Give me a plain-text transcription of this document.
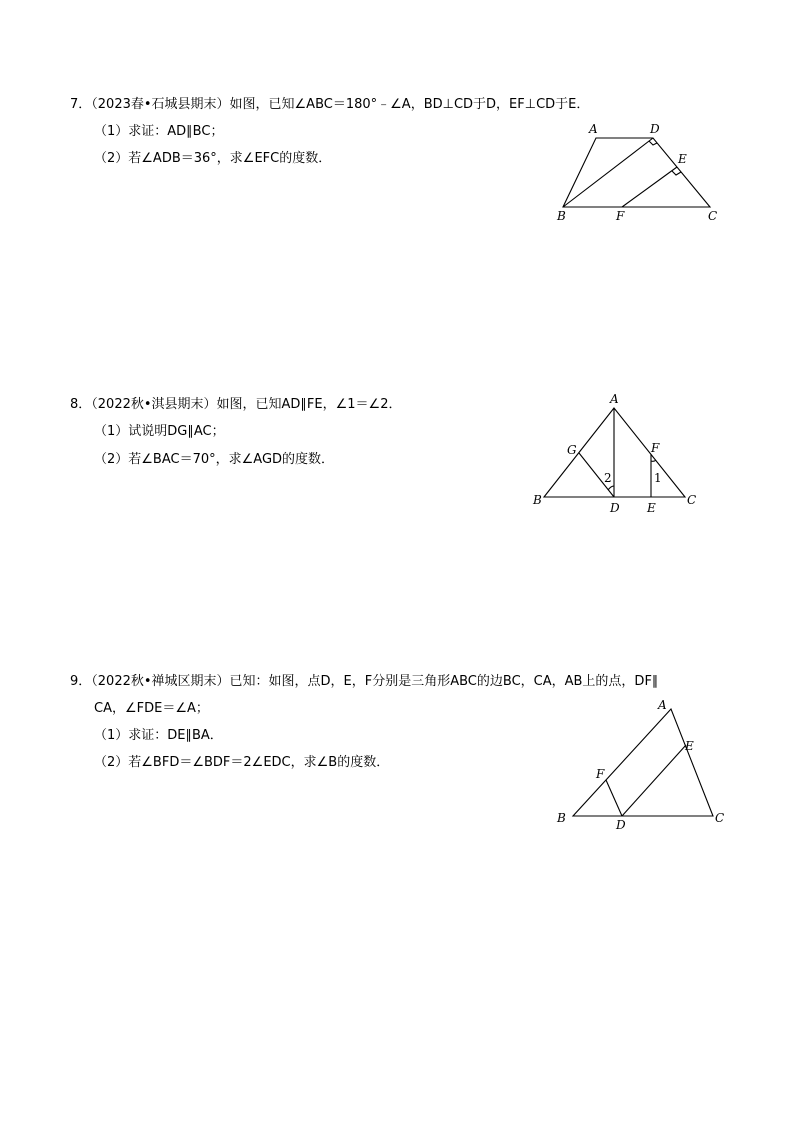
7．（2023春•石城县期末）如图，已知∠ABC＝180°﹣∠A，BD⊥CD于D，EF⊥CD于E．
（1）求证：AD∥BC；
（2）若∠ADB＝36°，求∠EFC的度数．
A	D
E
B	F	C
8．（2022秋•淇县期末）如图，已知AD∥FE，∠1＝∠2．
（1）试说明DG∥AC；
（2）若∠BAC＝70°，求∠AGD的度数．
A
G	F
1
2
B
D E
C
9．（2022秋•禅城区期末）已知：如图，点D，E，F分别是三角形ABC的边BC，CA，AB上的点，DF∥
CA，∠FDE＝∠A；
（1）求证：DE∥BA．
（2）若∠BFD＝∠BDF＝2∠EDC，求∠B的度数．
A
E
F
B	D	C
